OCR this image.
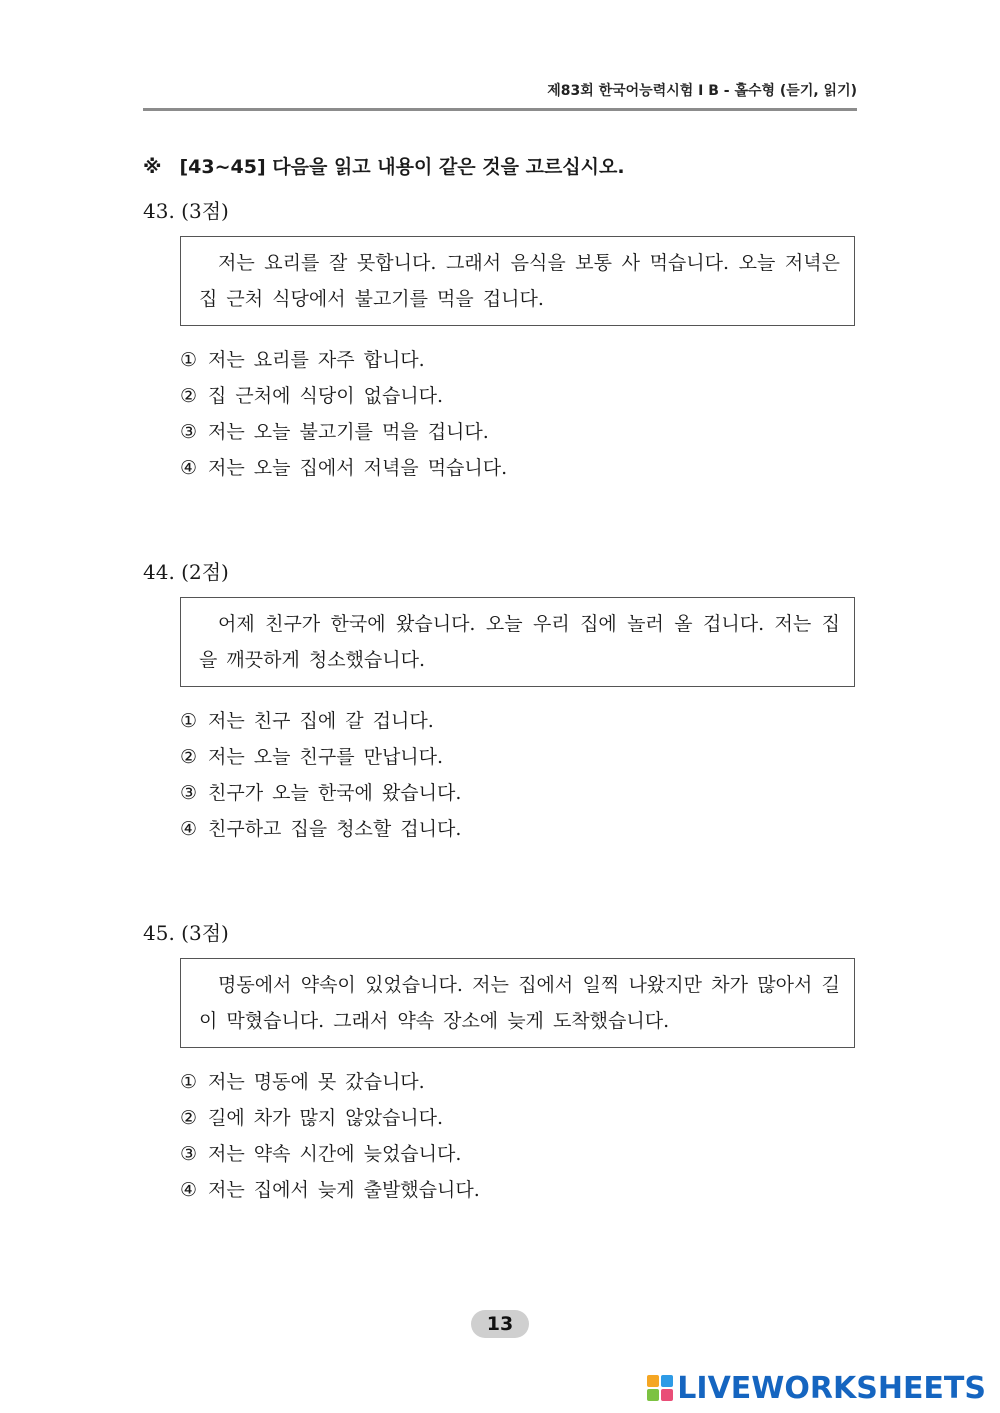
제83회 한국어능력시험 I B - 홀수형 (듣기, 읽기)
※ [43~45] 다음을 읽고 내용이 같은 것을 고르십시오.
43. (3점)
저는 요리를 잘 못합니다. 그래서 음식을 보통 사 먹습니다. 오늘 저녁은 집 근처 식당에서 불고기를 먹을 겁니다.
① 저는 요리를 자주 합니다.
② 집 근처에 식당이 없습니다.
③ 저는 오늘 불고기를 먹을 겁니다.
④ 저는 오늘 집에서 저녁을 먹습니다.
44. (2점)
어제 친구가 한국에 왔습니다. 오늘 우리 집에 놀러 올 겁니다. 저는 집을 깨끗하게 청소했습니다.
① 저는 친구 집에 갈 겁니다.
② 저는 오늘 친구를 만납니다.
③ 친구가 오늘 한국에 왔습니다.
④ 친구하고 집을 청소할 겁니다.
45. (3점)
명동에서 약속이 있었습니다. 저는 집에서 일찍 나왔지만 차가 많아서 길이 막혔습니다. 그래서 약속 장소에 늦게 도착했습니다.
① 저는 명동에 못 갔습니다.
② 길에 차가 많지 않았습니다.
③ 저는 약속 시간에 늦었습니다.
④ 저는 집에서 늦게 출발했습니다.
13
LIVEWORKSHEETS
